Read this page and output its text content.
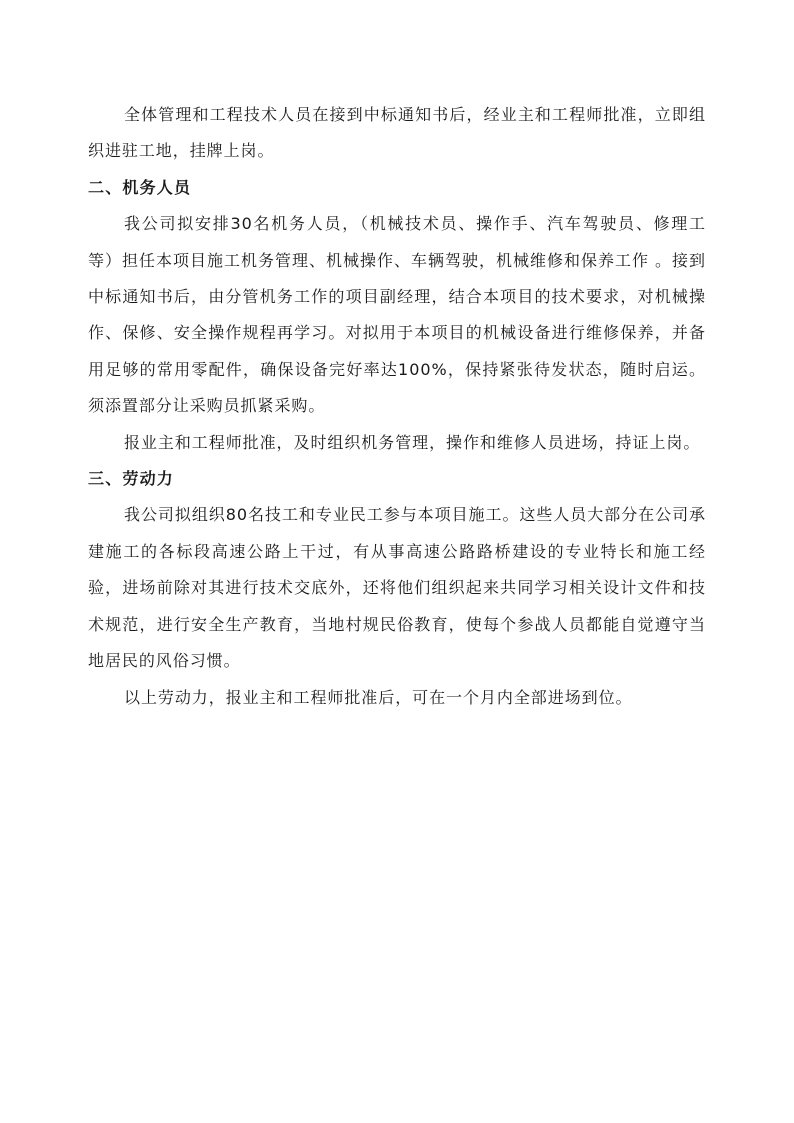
全体管理和工程技术人员在接到中标通知书后，经业主和工程师批准，立即组织进驻工地，挂牌上岗。

二、机务人员

我公司拟安排30名机务人员，（机械技术员、操作手、汽车驾驶员、修理工等）担任本项目施工机务管理、机械操作、车辆驾驶，机械维修和保养工作 。接到中标通知书后，由分管机务工作的项目副经理，结合本项目的技术要求，对机械操作、保修、安全操作规程再学习。对拟用于本项目的机械设备进行维修保养，并备用足够的常用零配件，确保设备完好率达100%，保持紧张待发状态，随时启运。须添置部分让采购员抓紧采购。

报业主和工程师批准，及时组织机务管理，操作和维修人员进场，持证上岗。

三、劳动力

我公司拟组织80名技工和专业民工参与本项目施工。这些人员大部分在公司承建施工的各标段高速公路上干过，有从事高速公路路桥建设的专业特长和施工经验，进场前除对其进行技术交底外，还将他们组织起来共同学习相关设计文件和技术规范，进行安全生产教育，当地村规民俗教育，使每个参战人员都能自觉遵守当地居民的风俗习惯。

以上劳动力，报业主和工程师批准后，可在一个月内全部进场到位。
